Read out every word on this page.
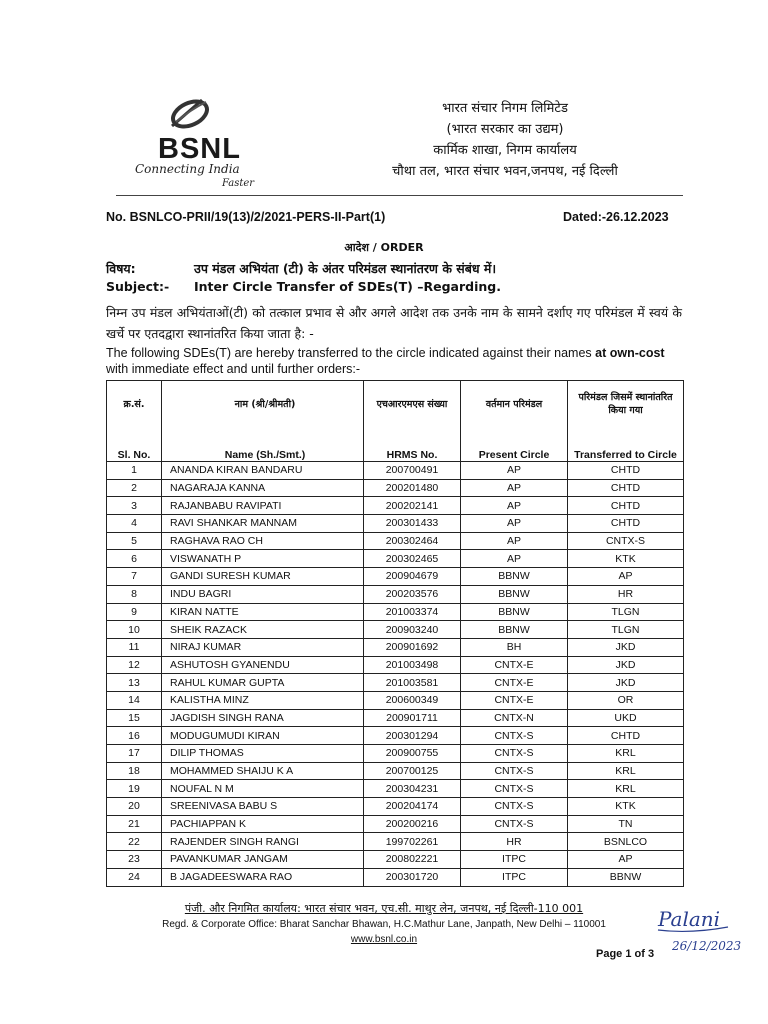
BSNL
Connecting India
Faster
भारत संचार निगम लिमिटेड
(भारत सरकार का उद्यम)
कार्मिक शाखा, निगम कार्यालय
चौथा तल, भारत संचार भवन,जनपथ, नई दिल्ली
No. BSNLCO-PRII/19(13)/2/2021-PERS-II-Part(1)	Dated:-26.12.2023
आदेश / ORDER
विषय:	उप मंडल अभियंता (टी) के अंतर परिमंडल स्थानांतरण के संबंध में।
Subject:- Inter Circle Transfer of SDEs(T) –Regarding.
निम्न उप मंडल अभियंताओं(टी) को तत्काल प्रभाव से और अगले आदेश तक उनके नाम के सामने दर्शाए गए परिमंडल में स्वयं के खर्चे पर एतदद्वारा स्थानांतरित किया जाता है: -
The following SDEs(T) are hereby transferred to the circle indicated against their names at own-cost with immediate effect and until further orders:-
क्र.सं.	नाम (श्री/श्रीमती)	एचआरएमएस संख्या	वर्तमान परिमंडल	परिमंडल जिसमें स्थानांतरित किया गया
Sl. No.	Name (Sh./Smt.)	HRMS No.	Present Circle	Transferred to Circle
1	ANANDA KIRAN BANDARU	200700491	AP	CHTD
2	NAGARAJA KANNA	200201480	AP	CHTD
3	RAJANBABU RAVIPATI	200202141	AP	CHTD
4	RAVI SHANKAR MANNAM	200301433	AP	CHTD
5	RAGHAVA RAO CH	200302464	AP	CNTX-S
6	VISWANATH P	200302465	AP	KTK
7	GANDI SURESH KUMAR	200904679	BBNW	AP
8	INDU BAGRI	200203576	BBNW	HR
9	KIRAN NATTE	201003374	BBNW	TLGN
10	SHEIK RAZACK	200903240	BBNW	TLGN
11	NIRAJ KUMAR	200901692	BH	JKD
12	ASHUTOSH GYANENDU	201003498	CNTX-E	JKD
13	RAHUL KUMAR GUPTA	201003581	CNTX-E	JKD
14	KALISTHA MINZ	200600349	CNTX-E	OR
15	JAGDISH SINGH RANA	200901711	CNTX-N	UKD
16	MODUGUMUDI KIRAN	200301294	CNTX-S	CHTD
17	DILIP THOMAS	200900755	CNTX-S	KRL
18	MOHAMMED SHAIJU K A	200700125	CNTX-S	KRL
19	NOUFAL N M	200304231	CNTX-S	KRL
20	SREENIVASA BABU S	200204174	CNTX-S	KTK
21	PACHIAPPAN K	200200216	CNTX-S	TN
22	RAJENDER SINGH RANGI	199702261	HR	BSNLCO
23	PAVANKUMAR JANGAM	200802221	ITPC	AP
24	B JAGADEESWARA RAO	200301720	ITPC	BBNW
पंजी. और निगमित कार्यालय: भारत संचार भवन, एच.सी. माथुर लेन, जनपथ, नई दिल्ली-110 001
Regd. & Corporate Office: Bharat Sanchar Bhawan, H.C.Mathur Lane, Janpath, New Delhi – 110001
www.bsnl.co.in
Page 1 of 3
Palani
26/12/2023
